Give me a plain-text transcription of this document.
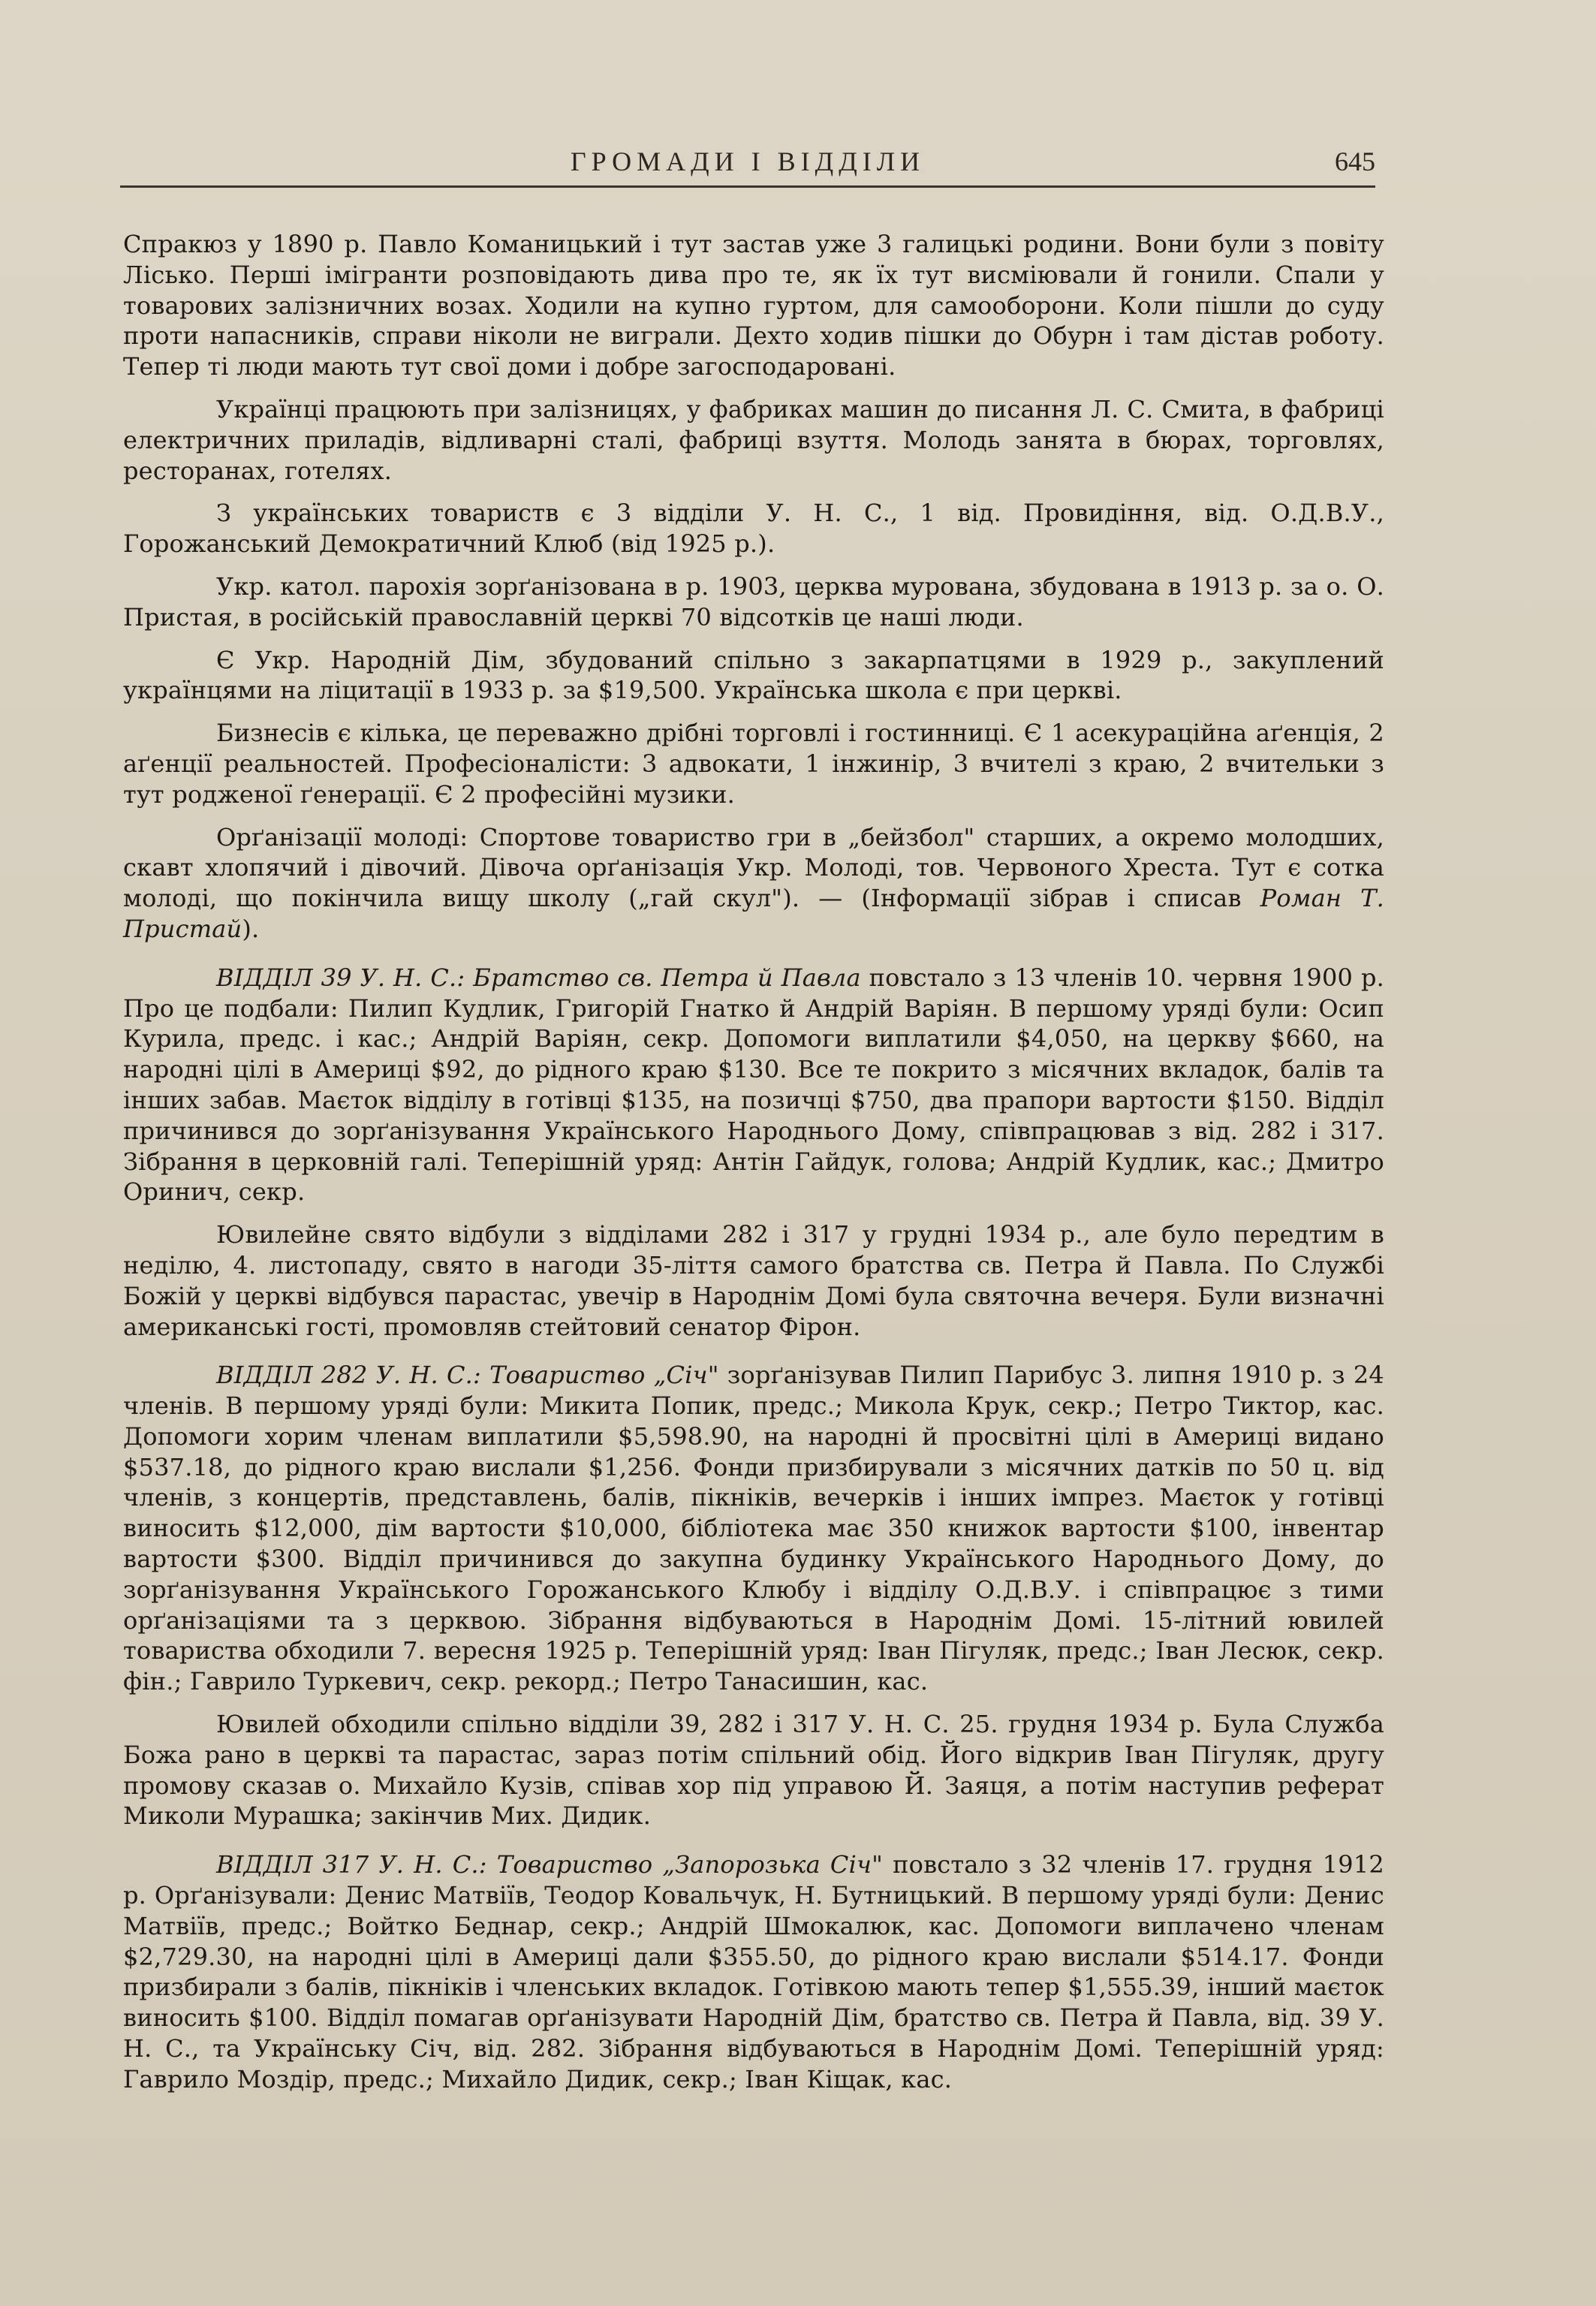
ГРОМАДИ І ВІДДІЛИ	645

Спракюз у 1890 р. Павло Команицький і тут застав уже 3 галицькі родини. Вони були з повіту Лісько. Перші імігранти розповідають дива про те, як їх тут висміювали й гонили. Спали у товарових залізничних возах. Ходили на купно гуртом, для самооборони. Коли пішли до суду проти напасників, справи ніколи не виграли. Дехто ходив пішки до Обурн і там дістав роботу. Тепер ті люди мають тут свої доми і добре загосподаровані.

Українці працюють при залізницях, у фабриках машин до писання Л. С. Смита, в фабриці електричних приладів, відливарні сталі, фабриці взуття. Молодь занята в бюрах, торговлях, ресторанах, готелях.

З українських товариств є 3 відділи У. Н. С., 1 від. Провидіння, від. О.Д.В.У., Горожанський Демократичний Клюб (від 1925 р.).

Укр. катол. парохія зорґанізована в р. 1903, церква мурована, збудована в 1913 р. за о. О. Пристая, в російській православній церкві 70 відсотків це наші люди.

Є Укр. Народній Дім, збудований спільно з закарпатцями в 1929 р., закуплений українцями на ліцитації в 1933 р. за $19,500. Українська школа є при церкві.

Бизнесів є кілька, це переважно дрібні торговлі і гостинниці. Є 1 асекураційна аґенція, 2 аґенції реальностей. Професіоналісти: 3 адвокати, 1 інжинір, 3 вчителі з краю, 2 вчительки з тут родженої ґенерації. Є 2 професійні музики.

Орґанізації молоді: Спортове товариство гри в „бейзбол" старших, а окремо молодших, скавт хлопячий і дівочий. Дівоча орґанізація Укр. Молоді, тов. Червоного Хреста. Тут є сотка молоді, що покінчила вищу школу („гай скул"). — (Інформації зібрав і списав Роман Т. Пристай).

ВІДДІЛ 39 У. Н. С.: Братство св. Петра й Павла повстало з 13 членів 10. червня 1900 р. Про це подбали: Пилип Кудлик, Григорій Гнатко й Андрій Варіян. В першому уряді були: Осип Курила, предс. і кас.; Андрій Варіян, секр. Допомоги виплатили $4,050, на церкву $660, на народні цілі в Америці $92, до рідного краю $130. Все те покрито з місячних вкладок, балів та інших забав. Маєток відділу в готівці $135, на позичці $750, два прапори вартости $150. Відділ причинився до зорґанізування Українського Народнього Дому, співпрацював з від. 282 і 317. Зібрання в церковній галі. Теперішній уряд: Антін Гайдук, голова; Андрій Кудлик, кас.; Дмитро Оринич, секр.

Ювилейне свято відбули з відділами 282 і 317 у грудні 1934 р., але було передтим в неділю, 4. листопаду, свято в нагоди 35-ліття самого братства св. Петра й Павла. По Службі Божій у церкві відбувся парастас, увечір в Народнім Домі була святочна вечеря. Були визначні американські гості, промовляв стейтовий сенатор Фірон.

ВІДДІЛ 282 У. Н. С.: Товариство „Січ" зорґанізував Пилип Парибус 3. липня 1910 р. з 24 членів. В першому уряді були: Микита Попик, предс.; Микола Крук, секр.; Петро Тиктор, кас. Допомоги хорим членам виплатили $5,598.90, на народні й просвітні цілі в Америці видано $537.18, до рідного краю вислали $1,256. Фонди призбирували з місячних датків по 50 ц. від членів, з концертів, представлень, балів, пікніків, вечерків і інших імпрез. Маєток у готівці виносить $12,000, дім вартости $10,000, бібліотека має 350 книжок вартости $100, інвентар вартости $300. Відділ причинився до закупна будинку Українського Народнього Дому, до зорґанізування Українського Горожанського Клюбу і відділу О.Д.В.У. і співпрацює з тими орґанізаціями та з церквою. Зібрання відбуваються в Народнім Домі. 15-літний ювилей товариства обходили 7. вересня 1925 р. Теперішній уряд: Іван Пігуляк, предс.; Іван Лесюк, секр. фін.; Гаврило Туркевич, секр. рекорд.; Петро Танасишин, кас.

Ювилей обходили спільно відділи 39, 282 і 317 У. Н. С. 25. грудня 1934 р. Була Служба Божа рано в церкві та парастас, зараз потім спільний обід. Його відкрив Іван Пігуляк, другу промову сказав о. Михайло Кузів, співав хор під управою Й. Заяця, а потім наступив реферат Миколи Мурашка; закінчив Мих. Дидик.

ВІДДІЛ 317 У. Н. С.: Товариство „Запорозька Січ" повстало з 32 членів 17. грудня 1912 р. Орґанізували: Денис Матвіїв, Теодор Ковальчук, Н. Бутницький. В першому уряді були: Денис Матвіїв, предс.; Войтко Беднар, секр.; Андрій Шмокалюк, кас. Допомоги виплачено членам $2,729.30, на народні цілі в Америці дали $355.50, до рідного краю вислали $514.17. Фонди призбирали з балів, пікніків і членських вкладок. Готівкою мають тепер $1,555.39, інший маєток виносить $100. Відділ помагав орґанізувати Народній Дім, братство св. Петра й Павла, від. 39 У. Н. С., та Українську Січ, від. 282. Зібрання відбуваються в Народнім Домі. Теперішній уряд: Гаврило Моздір, предс.; Михайло Дидик, секр.; Іван Кіщак, кас.
